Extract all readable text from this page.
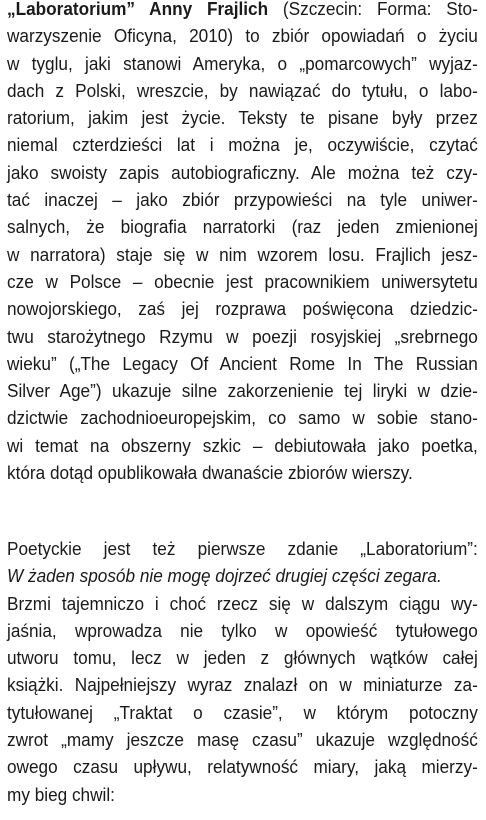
„Laboratorium” Anny Frajlich (Szczecin: Forma: Sto-

warzyszenie Oficyna, 2010) to zbiór opowiadań o życiu

w tyglu, jaki stanowi Ameryka, o „pomarcowych” wyjaz-

dach z Polski, wreszcie, by nawiązać do tytułu, o labo-

ratorium, jakim jest życie. Teksty te pisane były przez

niemal czterdzieści lat i można je, oczywiście, czytać

jako swoisty zapis autobiograficzny. Ale można też czy-

tać inaczej – jako zbiór przypowieści na tyle uniwer-

salnych, że biografia narratorki (raz jeden zmienionej

w narratora) staje się w nim wzorem losu. Frajlich jesz-

cze w Polsce – obecnie jest pracownikiem uniwersytetu

nowojorskiego, zaś jej rozprawa poświęcona dziedzic-

twu starożytnego Rzymu w poezji rosyjskiej „srebrnego

wieku” („The Legacy Of Ancient Rome In The Russian

Silver Age”) ukazuje silne zakorzenienie tej liryki w dzie-

dzictwie zachodnioeuropejskim, co samo w sobie stano-

wi temat na obszerny szkic – debiutowała jako poetka,

która dotąd opublikowała dwanaście zbiorów wierszy.

Poetyckie jest też pierwsze zdanie „Laboratorium”:

W żaden sposób nie mogę dojrzeć drugiej części zegara.

Brzmi tajemniczo i choć rzecz się w dalszym ciągu wy-

jaśnia, wprowadza nie tylko w opowieść tytułowego

utworu tomu, lecz w jeden z głównych wątków całej

książki. Najpełniejszy wyraz znalazł on w miniaturze za-

tytułowanej „Traktat o czasie”, w którym potoczny

zwrot „mamy jeszcze masę czasu” ukazuje względność

owego czasu upływu, relatywność miary, jaką mierzy-

my bieg chwil:
